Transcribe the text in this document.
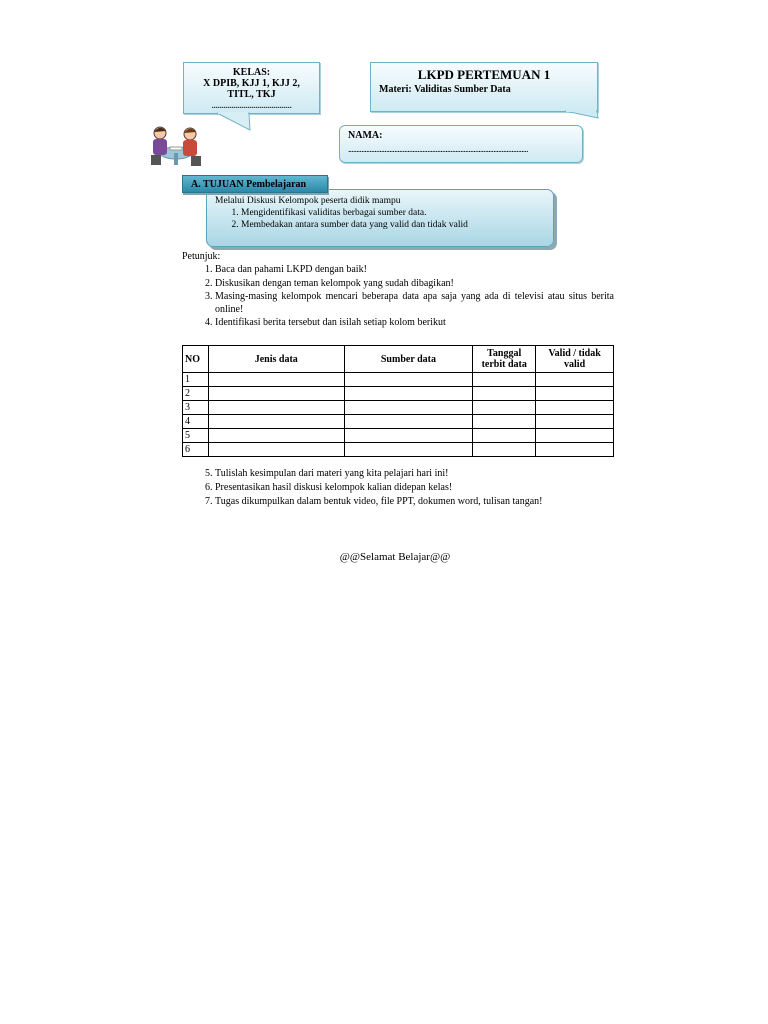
KELAS:
X DPIB, KJJ 1, KJJ 2,
TITL, TKJ
........................................
LKPD PERTEMUAN 1
Materi: Validitas Sumber Data
NAMA:
.............................................................................................................
A. TUJUAN Pembelajaran
Melalui Diskusi Kelompok peserta didik mampu
1. Mengidentifikasi validitas berbagai sumber data.
2. Membedakan antara sumber data yang valid dan tidak valid
Petunjuk:
1. Baca dan pahami LKPD dengan baik!
2. Diskusikan dengan teman kelompok yang sudah dibagikan!
3. Masing-masing kelompok mencari beberapa data apa saja yang ada di televisi atau situs berita online!
4. Identifikasi berita tersebut dan isilah setiap kolom berikut
NO	Jenis data	Sumber data	Tanggal terbit data	Valid / tidak valid
1				
2				
3				
4				
5				
6				
5. Tulislah kesimpulan dari materi yang kita pelajari hari ini!
6. Presentasikan hasil diskusi kelompok kalian didepan kelas!
7. Tugas dikumpulkan dalam bentuk video, file PPT, dokumen word, tulisan tangan!
@@Selamat Belajar@@
